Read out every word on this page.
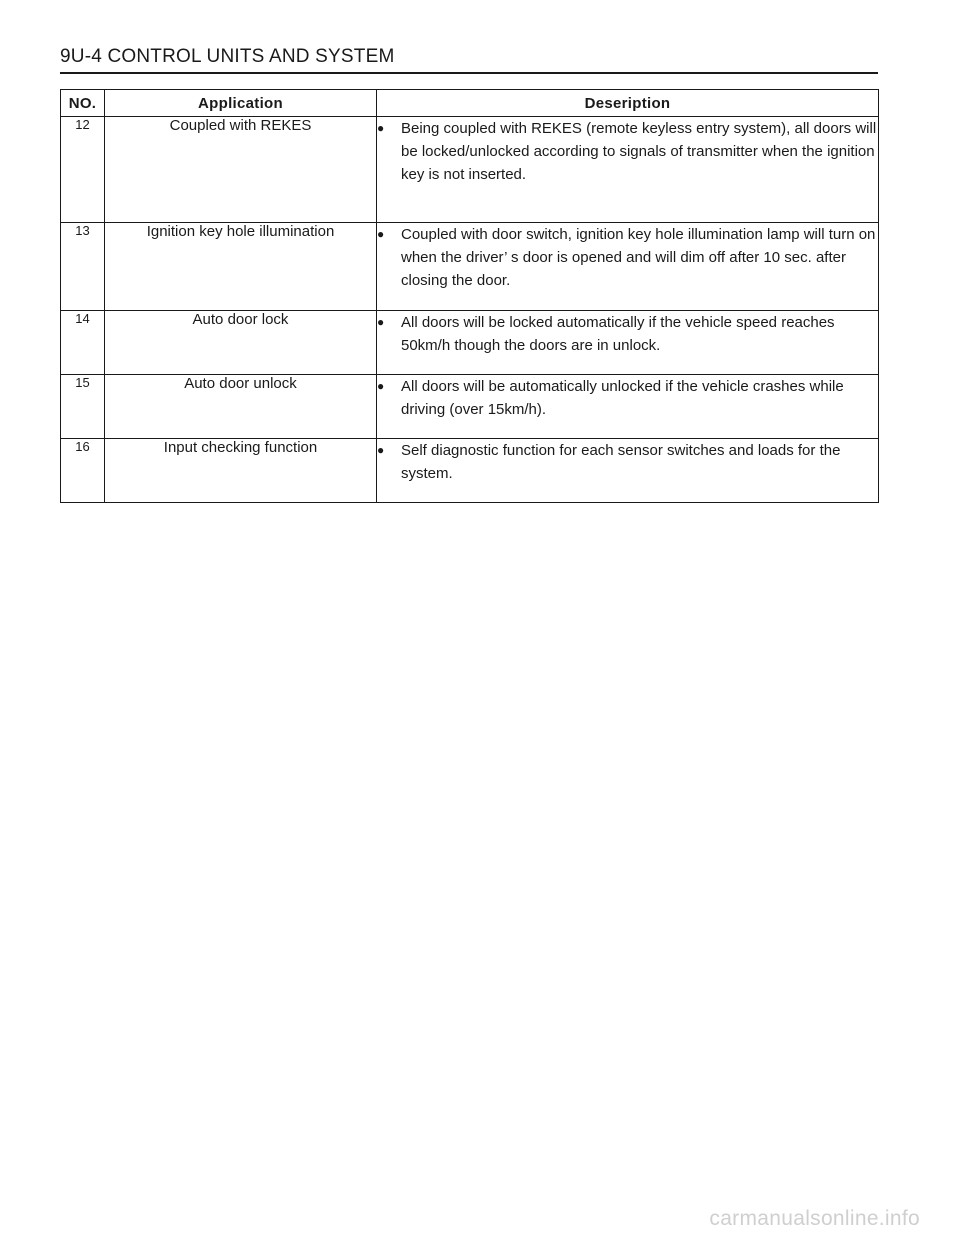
9U-4 CONTROL UNITS AND SYSTEM
NO.	Application	Deseription
12	Coupled with REKES	● Being coupled with REKES (remote keyless entry system), all doors will be locked/unlocked according to signals of transmitter when the ignition key is not inserted.

13	Ignition key hole illumination	● Coupled with door switch, ignition key hole illumination lamp will turn on when the driver’ s door is opened and will dim off after 10 sec. after closing the door.

14	Auto door lock	● All doors will be locked automatically if the vehicle speed reaches 50km/h though the doors are in unlock.

15	Auto door unlock	● All doors will be automatically unlocked if the vehicle crashes while driving (over 15km/h).

16	Input checking function	● Self diagnostic function for each sensor switches and loads for the system.
carmanualsonline.info
